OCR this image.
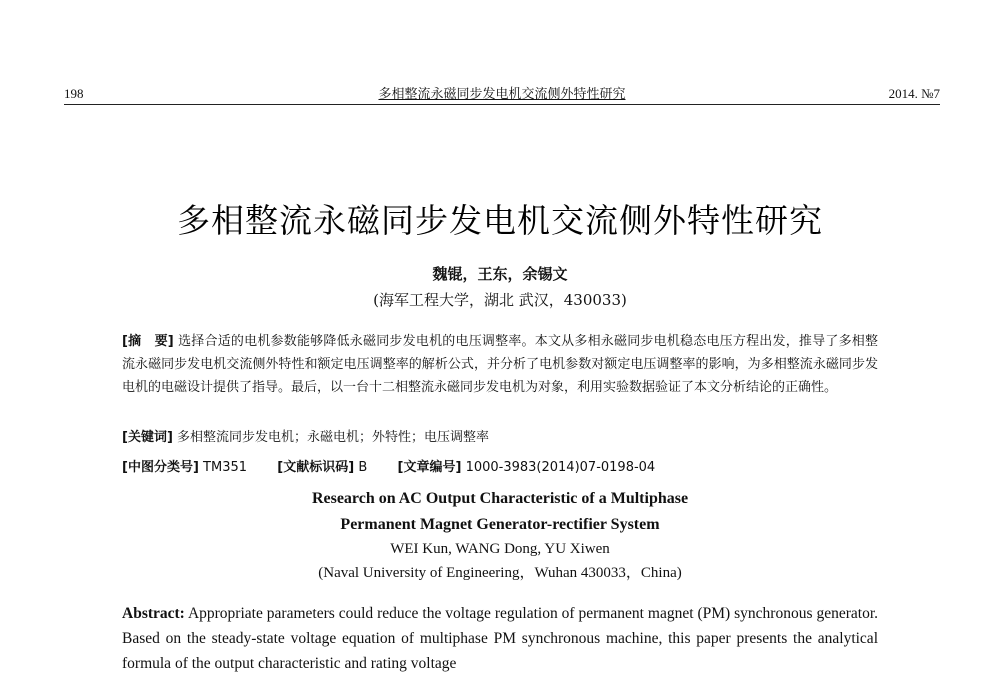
198	多相整流永磁同步发电机交流侧外特性研究	2014. №7
多相整流永磁同步发电机交流侧外特性研究
魏锟，王东，余锡文
(海军工程大学，湖北 武汉，430033)
[摘　要] 选择合适的电机参数能够降低永磁同步发电机的电压调整率。本文从多相永磁同步电机稳态电压方程出发，推导了多相整流永磁同步发电机交流侧外特性和额定电压调整率的解析公式，并分析了电机参数对额定电压调整率的影响，为多相整流永磁同步发电机的电磁设计提供了指导。最后，以一台十二相整流永磁同步发电机为对象，利用实验数据验证了本文分析结论的正确性。
[关键词] 多相整流同步发电机；永磁电机；外特性；电压调整率
[中图分类号] TM351 [文献标识码] B [文章编号] 1000-3983(2014)07-0198-04
Research on AC Output Characteristic of a Multiphase
Permanent Magnet Generator-rectifier System
WEI Kun, WANG Dong, YU Xiwen
(Naval University of Engineering，Wuhan 430033，China)
Abstract: Appropriate parameters could reduce the voltage regulation of permanent magnet (PM) synchronous generator. Based on the steady-state voltage equation of multiphase PM synchronous machine, this paper presents the analytical formula of the output characteristic and rating voltage
